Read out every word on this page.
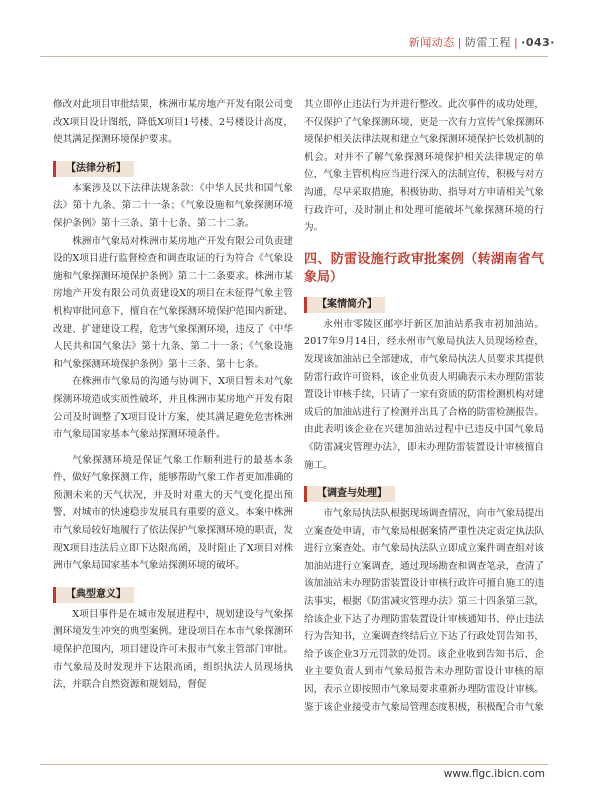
新闻动态 | 防雷工程 | ·043·

修改对此项目审批结果，株洲市某房地产开发有限公司变改X项目设计图纸，降低X项目1号楼、2号楼设计高度，使其满足探测环境保护要求。

【法律分析】

本案涉及以下法律法规条款：《中华人民共和国气象法》第十九条、第二十一条；《气象设施和气象探测环境保护条例》第十三条、第十七条、第二十二条。

株洲市气象局对株洲市某房地产开发有限公司负责建设的X项目进行监督检查和调查取证的行为符合《气象设施和气象探测环境保护条例》第二十二条要求。株洲市某房地产开发有限公司负责建设X的项目在未征得气象主管机构审批同意下，擅自在气象探测环境保护范围内新建、改建、扩建建设工程，危害气象探测环境，违反了《中华人民共和国气象法》第十九条、第二十一条；《气象设施和气象探测环境保护条例》第十三条、第十七条。

在株洲市气象局的沟通与协调下，X项目暂未对气象探测环境造成实质性破坏，并且株洲市某房地产开发有限公司及时调整了X项目设计方案，使其满足避免危害株洲市气象局国家基本气象站探测环境条件。

气象探测环境是保证气象工作顺利进行的最基本条件，做好气象探测工作，能够帮助气象工作者更加准确的预测未来的天气状况，并及时对重大的天气变化提出预警，对城市的快速稳步发展具有重要的意义。本案中株洲市气象局较好地履行了依法保护气象探测环境的职责，发现X项目违法后立即下达限高函，及时阻止了X项目对株洲市气象局国家基本气象站探测环境的破坏。

【典型意义】

X项目事件是在城市发展进程中，规划建设与气象探测环境发生冲突的典型案例。建设项目在本市气象探测环境保护范围内，项目建设许可未报市气象主管部门审批。市气象局及时发现并下达限高函，组织执法人员现场执法，并联合自然资源和规划局，督促

其立即停止违法行为并进行整改。此次事件的成功处理，不仅保护了气象探测环境，更是一次有力宣传气象探测环境保护相关法律法规和建立气象探测环境保护长效机制的机会。对并不了解气象探测环境保护相关法律规定的单位，气象主管机构应当进行深入的法制宣传，积极与对方沟通，尽早采取措施，积极协助、指导对方申请相关气象行政许可，及时制止和处理可能破坏气象探测环境的行为。

四、防雷设施行政审批案例（转湖南省气象局）
【案情简介】

永州市零陵区邮亭圩新区加油站系我市初加油站。2017年9月14日，经永州市气象局执法人员现场检查，发现该加油站已全部建成，市气象局执法人员要求其提供防雷行政许可资料，该企业负责人明确表示未办理防雷装置设计审核手续，只请了一家有资质的防雷检测机构对建成后的加油站进行了检测并出具了合格的防雷检测报告。由此表明该企业在兴建加油站过程中已违反中国气象局《防雷减灾管理办法》，即未办理防雷装置设计审核擅自施工。

【调查与处理】

市气象局执法队根据现场调查情况，向市气象局提出立案查处申请，市气象局根据案情严重性决定责定执法队进行立案查处。市气象局执法队立即成立案件调查组对该加油站进行立案调查，通过现场勘查和调查笔录，查清了该加油站未办理防雷装置设计审核行政许可擅自施工的违法事实，根据《防雷减灾管理办法》第三十四条第三款，给该企业下达了办理防雷装置设计审核通知书、停止违法行为告知书，立案调查终结后立下达了行政处罚告知书，给予该企业3万元罚款的处罚。该企业收到告知书后，企业主要负责人到市气象局报告未办理防雷设计审核的原因，表示立即按照市气象局要求重新办理防雷设计审核。鉴于该企业接受市气象局管理态度积极，积极配合市气象

www.flgc.ibicn.com
